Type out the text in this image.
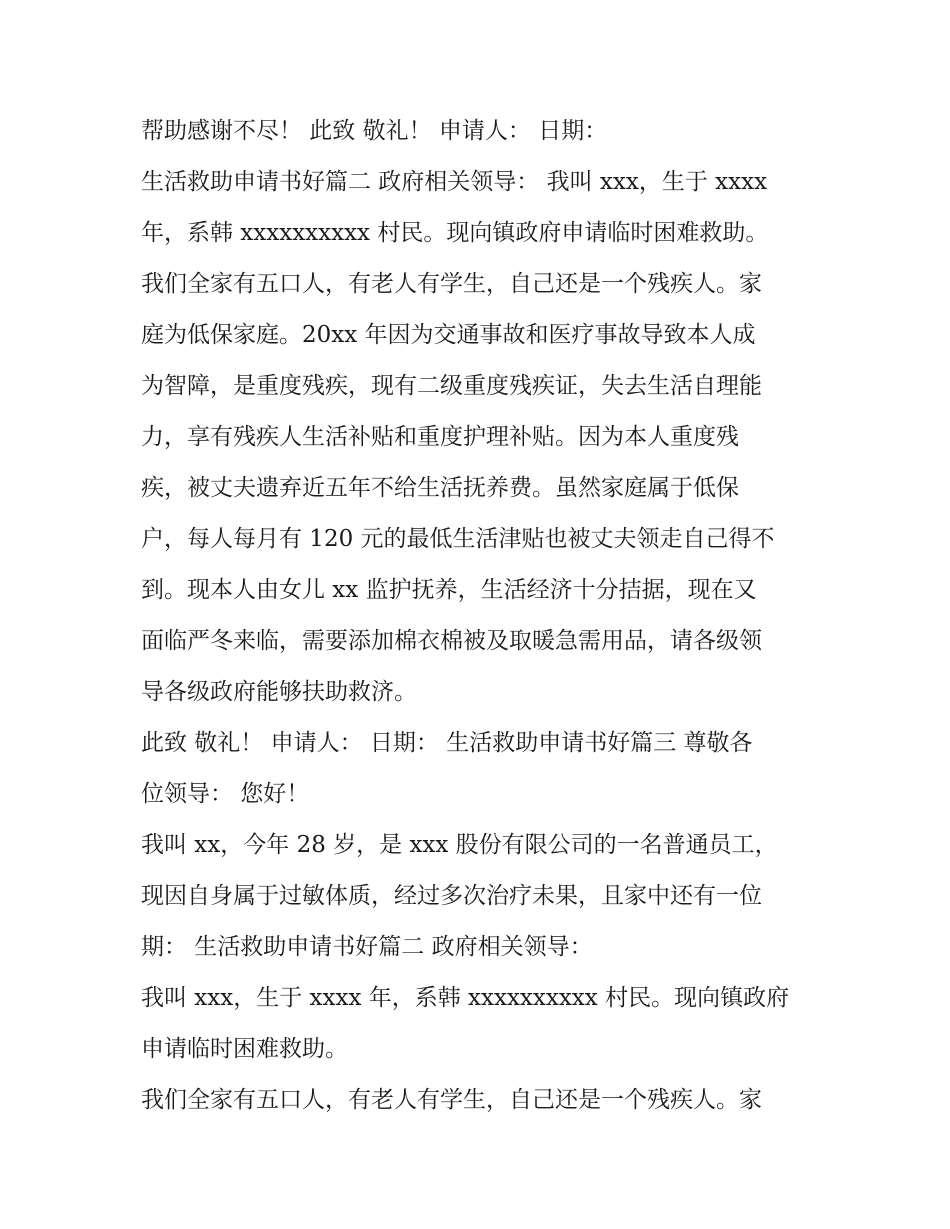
帮助感谢不尽！ 此致 敬礼！ 申请人： 日期：
生活救助申请书好篇二 政府相关领导： 我叫 xxx，生于 xxxx
年，系韩 xxxxxxxxxx 村民。现向镇政府申请临时困难救助。
我们全家有五口人，有老人有学生，自己还是一个残疾人。家
庭为低保家庭。20xx 年因为交通事故和医疗事故导致本人成
为智障，是重度残疾，现有二级重度残疾证，失去生活自理能
力，享有残疾人生活补贴和重度护理补贴。因为本人重度残
疾，被丈夫遗弃近五年不给生活抚养费。虽然家庭属于低保
户，每人每月有 120 元的最低生活津贴也被丈夫领走自己得不
到。现本人由女儿 xx 监护抚养，生活经济十分拮据，现在又
面临严冬来临，需要添加棉衣棉被及取暖急需用品，请各级领
导各级政府能够扶助救济。
此致 敬礼！ 申请人： 日期： 生活救助申请书好篇三 尊敬各
位领导： 您好！
我叫 xx，今年 28 岁，是 xxx 股份有限公司的一名普通员工，
现因自身属于过敏体质，经过多次治疗未果，且家中还有一位
期： 生活救助申请书好篇二 政府相关领导：
我叫 xxx，生于 xxxx 年，系韩 xxxxxxxxxx 村民。现向镇政府
申请临时困难救助。
我们全家有五口人，有老人有学生，自己还是一个残疾人。家
